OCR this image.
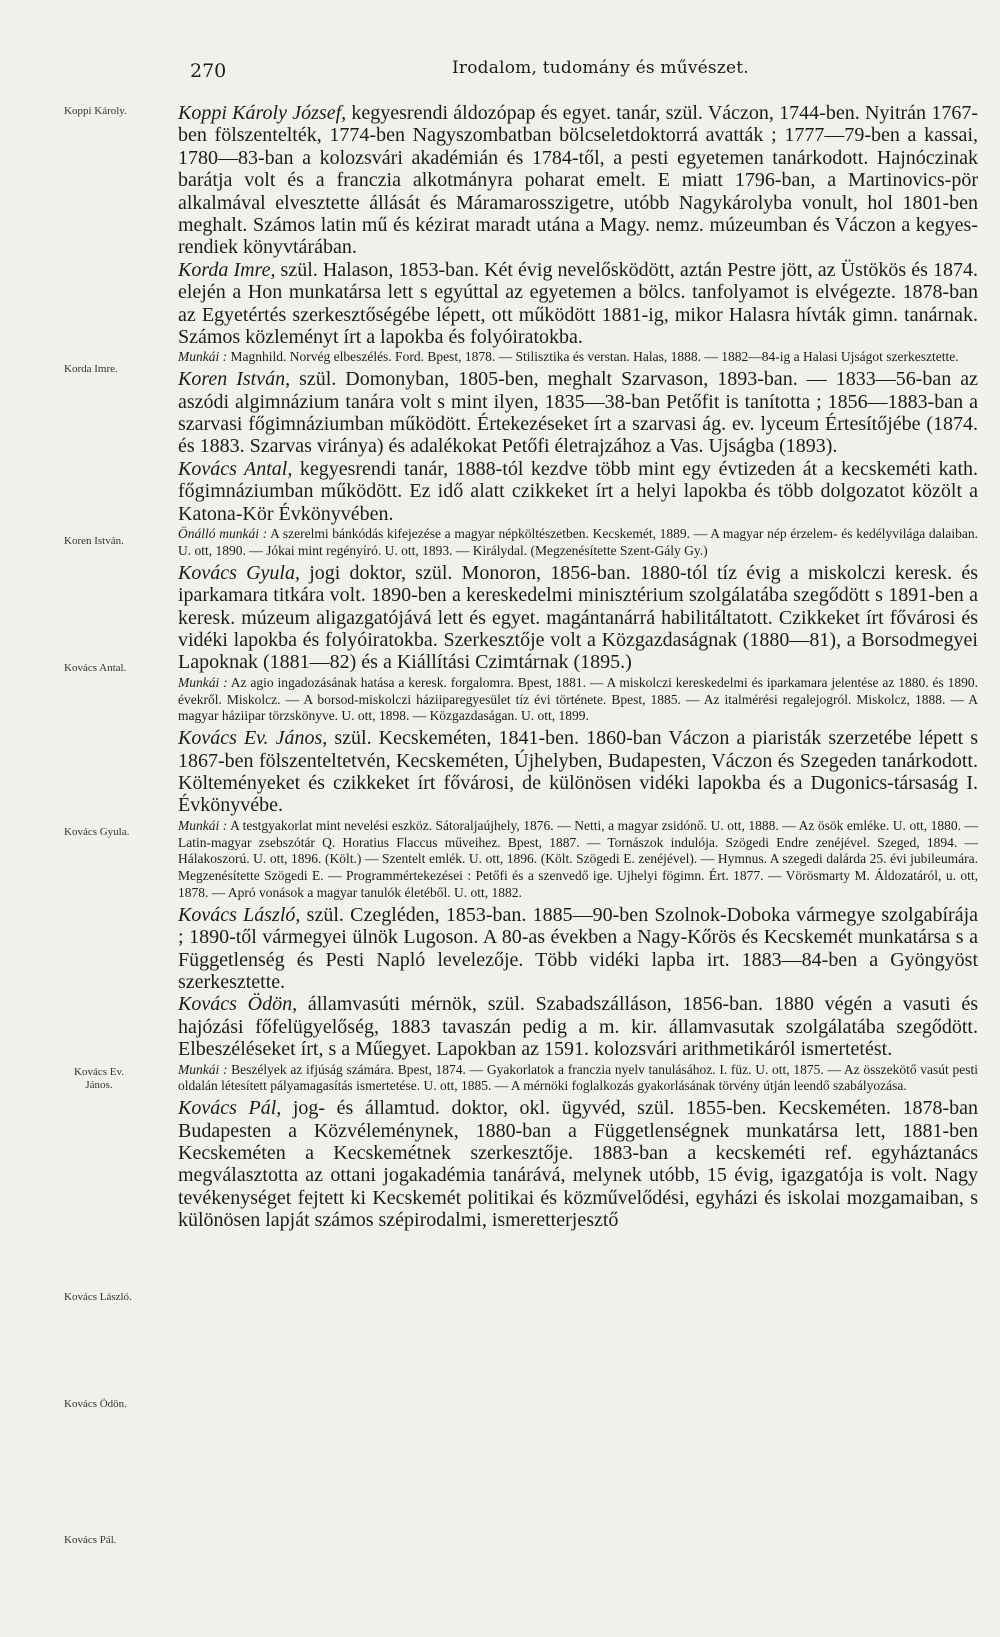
270	Irodalom, tudomány és művészet.
Koppi Károly.
Korda Imre.
Koren István.
Kovács Antal.
Kovács Gyula.
Kovács Ev. János.
Kovács László.
Kovács Ödön.
Kovács Pál.

Koppi Károly József, kegyesrendi áldozópap és egyet. tanár, szül. Váczon, 1744-ben. Nyitrán 1767-ben fölszentelték, 1774-ben Nagyszombatban bölcseletdoktorrá avatták ; 1777—79-ben a kassai, 1780—83-ban a kolozsvári akadémián és 1784-től, a pesti egyetemen tanárkodott. Hajnóczinak barátja volt és a franczia alkotmányra poharat emelt. E miatt 1796-ban, a Martinovics-pör alkalmával elvesztette állását és Máramarosszigetre, utóbb Nagykárolyba vonult, hol 1801-ben meghalt. Számos latin mű és kézirat maradt utána a Magy. nemz. múzeumban és Váczon a kegyes-rendiek könyvtárában.

Korda Imre, szül. Halason, 1853-ban. Két évig nevelősködött, aztán Pestre jött, az Üstökös és 1874. elején a Hon munkatársa lett s egyúttal az egyetemen a bölcs. tanfolyamot is elvégezte. 1878-ban az Egyetértés szerkesztőségébe lépett, ott működött 1881-ig, mikor Halasra hívták gimn. tanárnak. Számos közleményt írt a lapokba és folyóiratokba.

Munkái : Magnhild. Norvég elbeszélés. Ford. Bpest, 1878. — Stilisztika és verstan. Halas, 1888. — 1882—84-ig a Halasi Ujságot szerkesztette.

Koren István, szül. Domonyban, 1805-ben, meghalt Szarvason, 1893-ban. — 1833—56-ban az aszódi algimnázium tanára volt s mint ilyen, 1835—38-ban Petőfit is tanította ; 1856—1883-ban a szarvasi főgimnáziumban működött. Értekezéseket írt a szarvasi ág. ev. lyceum Értesítőjébe (1874. és 1883. Szarvas virányа) és adalékokat Petőfi életrajzához a Vas. Ujságba (1893).

Kovács Antal, kegyesrendi tanár, 1888-tól kezdve több mint egy évtizeden át a kecskeméti kath. főgimnáziumban működött. Ez idő alatt czikkeket írt a helyi lapokba és több dolgozatot közölt a Katona-Kör Évkönyvében.

Önálló munkái : A szerelmi bánkódás kifejezése a magyar népköltészetben. Kecskemét, 1889. — A magyar nép érzelem- és kedélyvilága dalaiban. U. ott, 1890. — Jókai mint regényíró. U. ott, 1893. — Királydal. (Megzenésítette Szent-Gály Gy.)

Kovács Gyula, jogi doktor, szül. Monoron, 1856-ban. 1880-tól tíz évig a miskolczi keresk. és iparkamara titkára volt. 1890-ben a kereskedelmi minisztérium szolgálatába szegődött s 1891-ben a keresk. múzeum aligazgatójává lett és egyet. magántanárrá habilitáltatott. Czikkeket írt fővárosi és vidéki lapokba és folyóiratokba. Szerkesztője volt a Közgazdaságnak (1880—81), a Borsodmegyei Lapoknak (1881—82) és a Kiállítási Czimtárnak (1895.)

Munkái : Az agio ingadozásának hatása a keresk. forgalomra. Bpest, 1881. — A miskolczi kereskedelmi és iparkamara jelentése az 1880. és 1890. évekről. Miskolcz. — A borsod-miskolczi háziiparegyesület tíz évi története. Bpest, 1885. — Az italmérési regalejogról. Miskolcz, 1888. — A magyar háziipar törzskönyve. U. ott, 1898. — Közgazdaságan. U. ott, 1899.

Kovács Ev. János, szül. Kecskeméten, 1841-ben. 1860-ban Váczon a piaristák szerzetébe lépett s 1867-ben fölszenteltetvén, Kecskeméten, Újhelyben, Budapesten, Váczon és Szegeden tanárkodott. Költeményeket és czikkeket írt fővárosi, de különösen vidéki lapokba és a Dugonics-társaság I. Évkönyvébe.

Munkái : A testgyakorlat mint nevelési eszköz. Sátoraljaújhely, 1876. — Netti, a magyar zsidónő. U. ott, 1888. — Az ösök emléke. U. ott, 1880. — Latin-magyar zsebszótár Q. Horatius Flaccus műveihez. Bpest, 1887. — Tornászok indulója. Szögedi Endre zenéjével. Szeged, 1894. — Hálakoszorú. U. ott, 1896. (Költ.) — Szentelt emlék. U. ott, 1896. (Költ. Szögedi E. zenéjével). — Hymnus. A szegedi dalárda 25. évi jubileumára. Megzenésítette Szögedi E. — Programmértekezései : Petőfi és a szenvedő ige. Ujhelyi fögimn. Ért. 1877. — Vörösmarty M. Áldozatáról, u. ott, 1878. — Apró vonások a magyar tanulók életéből. U. ott, 1882.

Kovács László, szül. Czegléden, 1853-ban. 1885—90-ben Szolnok-Doboka vármegye szolgabírája ; 1890-től vármegyei ülnök Lugoson. A 80-as években a Nagy-Kőrös és Kecskemét munkatársa s a Függetlenség és Pesti Napló levelezője. Több vidéki lapba irt. 1883—84-ben a Gyöngyöst szerkesztette.

Kovács Ödön, államvasúti mérnök, szül. Szabadszálláson, 1856-ban. 1880 végén a vasuti és hajózási főfelügyelőség, 1883 tavaszán pedig a m. kir. államvasutak szolgálatába szegődött. Elbeszéléseket írt, s a Műegyet. Lapokban az 1591. kolozsvári arithmetikáról ismertetést.

Munkái : Beszélyek az ifjúság számára. Bpest, 1874. — Gyakorlatok a franczia nyelv tanulásához. I. füz. U. ott, 1875. — Az összekötő vasút pesti oldalán létesített pályamagasítás ismertetése. U. ott, 1885. — A mérnöki foglalkozás gyakorlásának törvény útján leendő szabályozása.

Kovács Pál, jog- és államtud. doktor, okl. ügyvéd, szül. 1855-ben. Kecskeméten. 1878-ban Budapesten a Közvéleménynek, 1880-ban a Függetlenségnek munkatársa lett, 1881-ben Kecskeméten a Kecskemétnek szerkesztője. 1883-ban a kecskeméti ref. egyháztanács megválasztotta az ottani jogakadémia tanárává, melynek utóbb, 15 évig, igazgatója is volt. Nagy tevékenységet fejtett ki Kecskemét politikai és közművelődési, egyházi és iskolai mozgamaiban, s különösen lapját számos szépirodalmi, ismeretterjesztő
